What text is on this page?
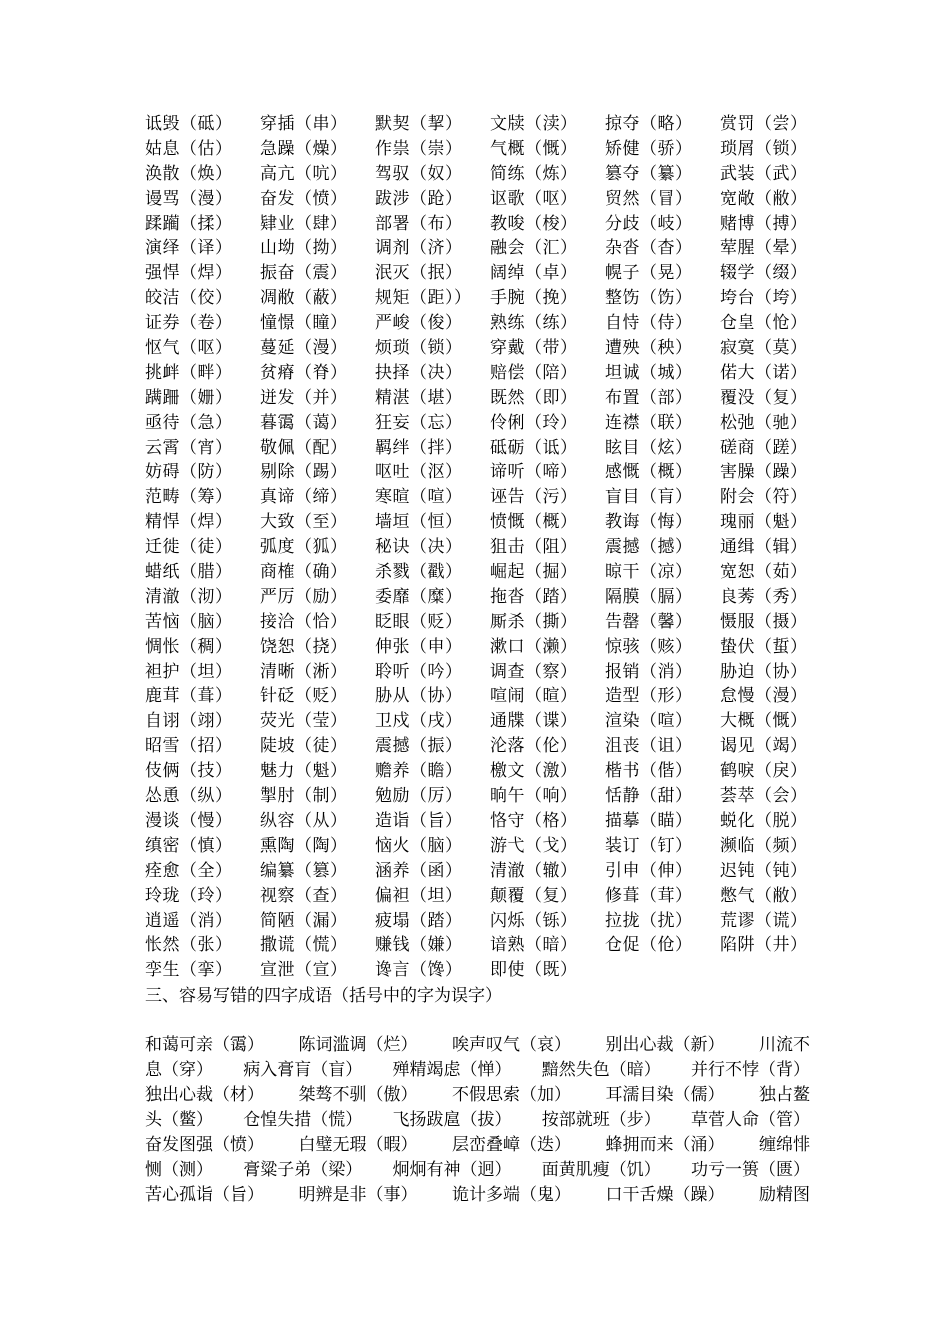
诋毁（砥）	穿插（串）	默契（挈）	文牍（渎）	掠夺（略）	赏罚（尝）
姑息（估）	急躁（燥）	作祟（崇）	气概（慨）	矫健（骄）	琐屑（锁）
涣散（焕）	高亢（吭）	驾驭（奴）	简练（炼）	篡夺（纂）	武装（武）
谩骂（漫）	奋发（愤）	跋涉（跄）	讴歌（呕）	贸然（冒）	宽敞（敝）
蹂躏（揉）	肄业（肆）	部署（布）	教唆（梭）	分歧（岐）	赌博（搏）
演绎（译）	山坳（拗）	调剂（济）	融会（汇）	杂沓（杳）	荤腥（晕）
强悍（焊）	振奋（震）	泯灭（抿）	阔绰（卓）	幌子（晃）	辍学（缀）
皎洁（佼）	凋敝（蔽）	规矩（距））	手腕（挽）	整饬（饬）	垮台（垮）
证券（卷）	憧憬（瞳）	严峻（俊）	熟练（练）	自恃（侍）	仓皇（怆）
怄气（呕）	蔓延（漫）	烦琐（锁）	穿戴（带）	遭殃（秧）	寂寞（莫）
挑衅（畔）	贫瘠（脊）	抉择（决）	赔偿（陪）	坦诚（城）	偌大（诺）
蹒跚（姗）	迸发（并）	精湛（堪）	既然（即）	布置（部）	覆没（复）
亟待（急）	暮霭（蔼）	狂妄（忘）	伶俐（玲）	连襟（联）	松弛（驰）
云霄（宵）	敬佩（配）	羁绊（拌）	砥砺（诋）	眩目（炫）	磋商（蹉）
妨碍（防）	剔除（踢）	呕吐（沤）	谛听（啼）	感慨（概）	害臊（躁）
范畴（筹）	真谛（缔）	寒暄（喧）	诬告（污）	盲目（肓）	附会（符）
精悍（焊）	大致（至）	墙垣（恒）	愤慨（概）	教诲（悔）	瑰丽（魁）
迁徙（徒）	弧度（狐）	秘诀（决）	狙击（阻）	震撼（撼）	通缉（辑）
蜡纸（腊）	商榷（确）	杀戮（戳）	崛起（掘）	晾干（凉）	宽恕（茹）
清澈（沏）	严厉（励）	委靡（糜）	拖沓（踏）	隔膜（膈）	良莠（秀）
苦恼（脑）	接洽（恰）	眨眼（贬）	厮杀（撕）	告罄（馨）	慑服（摄）
惆怅（稠）	饶恕（挠）	伸张（申）	漱口（濑）	惊骇（赅）	蛰伏（蜇）
袒护（坦）	清晰（淅）	聆听（吟）	调查（察）	报销（消）	胁迫（协）
鹿茸（葺）	针砭（贬）	胁从（协）	喧闹（暄）	造型（形）	怠慢（漫）
自诩（翊）	荧光（莹）	卫戍（戌）	通牒（谍）	渲染（喧）	大概（慨）
昭雪（招）	陡坡（徒）	震撼（振）	沦落（伦）	沮丧（诅）	谒见（竭）
伎俩（技）	魅力（魁）	赡养（瞻）	檄文（激）	楷书（偕）	鹤唳（戾）
怂恿（纵）	掣肘（制）	勉励（厉）	晌午（响）	恬静（甜）	荟萃（会）
漫谈（慢）	纵容（从）	造诣（旨）	恪守（格）	描摹（瞄）	蜕化（脱）
缜密（慎）	熏陶（陶）	恼火（脑）	游弋（戈）	装订（钉）	濒临（频）
痊愈（全）	编纂（篡）	涵养（函）	清澈（辙）	引申（伸）	迟钝（钝）
玲珑（玲）	视察（查）	偏袒（坦）	颠覆（复）	修葺（茸）	憋气（敝）
逍遥（消）	简陋（漏）	疲塌（踏）	闪烁（铄）	拉拢（扰）	荒谬（谎）
怅然（张）	撒谎（慌）	赚钱（嫌）	谙熟（暗）	仓促（伧）	陷阱（井）
孪生（挛）	宣泄（宣）	谗言（馋）	即使（既）
三、容易写错的四字成语（括号中的字为误字）
和蔼可亲（霭） 陈词滥调（烂） 唉声叹气（哀） 别出心裁（新） 川流不
息（穿） 病入膏肓（盲） 殚精竭虑（惮） 黯然失色（暗） 并行不悖（背）
独出心裁（材） 桀骜不驯（傲） 不假思索（加） 耳濡目染（儒） 独占鳌
头（鳖） 仓惶失措（慌） 飞扬跋扈（拔） 按部就班（步） 草菅人命（管）
奋发图强（愤） 白璧无瑕（暇） 层峦叠嶂（迭） 蜂拥而来（涌） 缠绵悱
恻（测） 膏粱子弟（梁） 炯炯有神（迥） 面黄肌瘦（饥） 功亏一篑（匮）
苦心孤诣（旨） 明辨是非（事） 诡计多端（鬼） 口干舌燥（躁） 励精图
